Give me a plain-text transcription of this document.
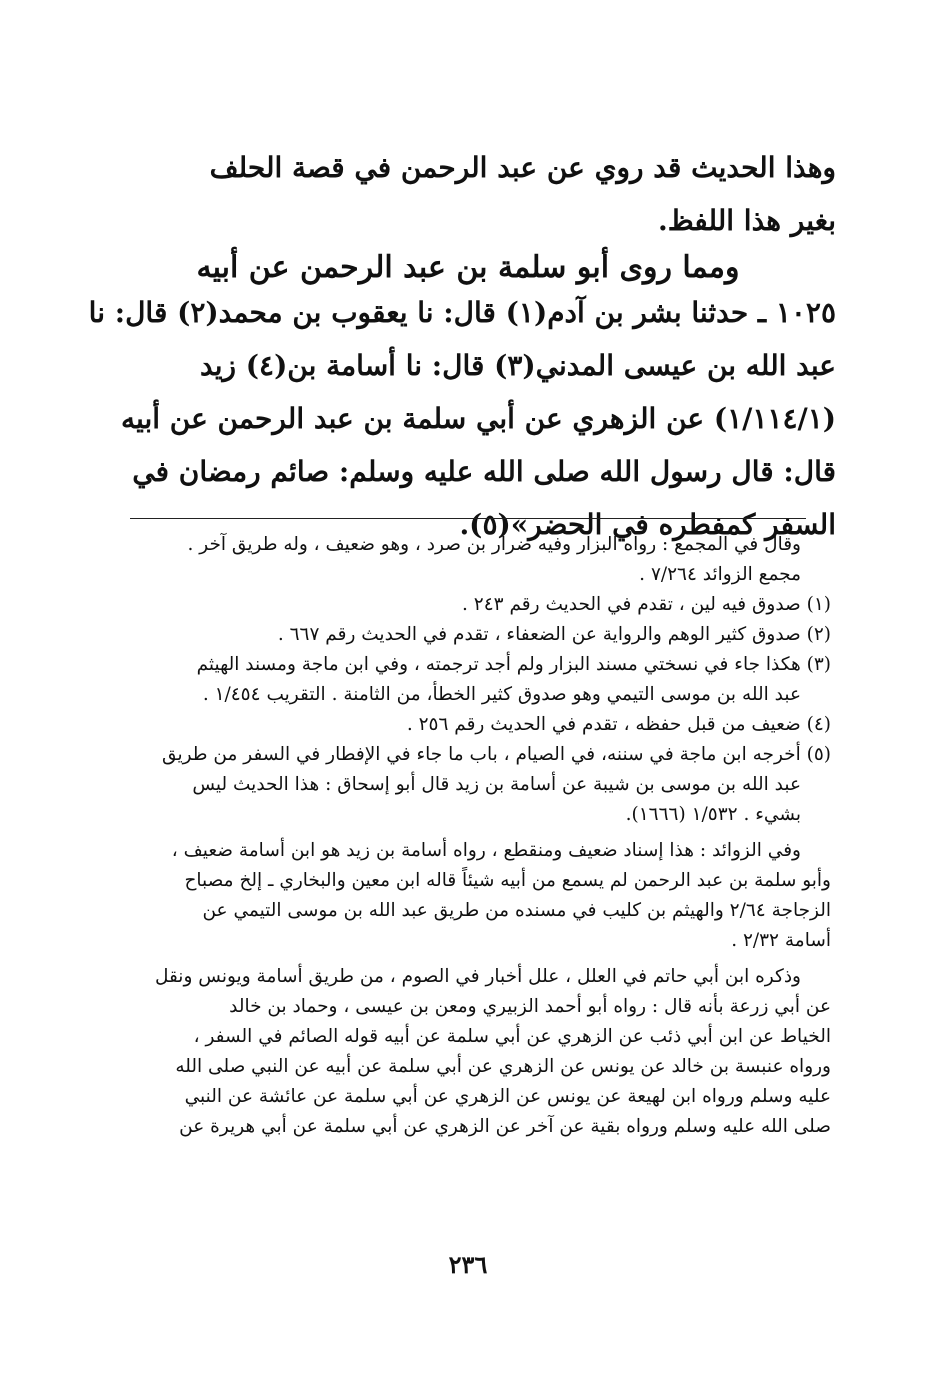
وهذا الحديث قد روي عن عبد الرحمن في قصة الحلف
بغير هذا اللفظ.
ومما روى أبو سلمة بن عبد الرحمن عن أبيه
١٠٢٥ ـ حدثنا بشر بن آدم(١) قال: نا يعقوب بن محمد(٢) قال: نا
عبد الله بن عيسى المدني(٣) قال: نا أسامة بن(٤) زيد
(١/١١٤/١) عن الزهري عن أبي سلمة بن عبد الرحمن عن أبيه
قال: قال رسول الله صلى الله عليه وسلم: صائم رمضان في
السفر كمفطره في الحضر»(٥).
وقال في المجمع : رواه البزار وفيه ضرار بن صرد ، وهو ضعيف ، وله طريق آخر .
مجمع الزوائد ٧/٢٦٤ .
(١) صدوق فيه لين ، تقدم في الحديث رقم ٢٤٣ .
(٢) صدوق كثير الوهم والرواية عن الضعفاء ، تقدم في الحديث رقم ٦٦٧ .
(٣) هكذا جاء في نسختي مسند البزار ولم أجد ترجمته ، وفي ابن ماجة ومسند الهيثم
عبد الله بن موسى التيمي وهو صدوق كثير الخطأ، من الثامنة . التقريب ١/٤٥٤ .
(٤) ضعيف من قبل حفظه ، تقدم في الحديث رقم ٢٥٦ .
(٥) أخرجه ابن ماجة في سننه، في الصيام ، باب ما جاء في الإفطار في السفر من طريق
عبد الله بن موسى بن شيبة عن أسامة بن زيد قال أبو إسحاق : هذا الحديث ليس
بشيء . ١/٥٣٢ (١٦٦٦).
وفي الزوائد : هذا إسناد ضعيف ومنقطع ، رواه أسامة بن زيد هو ابن أسامة ضعيف ،
وأبو سلمة بن عبد الرحمن لم يسمع من أبيه شيئاً قاله ابن معين والبخاري ـ إلخ مصباح
الزجاجة ٢/٦٤ والهيثم بن كليب في مسنده من طريق عبد الله بن موسى التيمي عن
أسامة ٢/٣٢ .
وذكره ابن أبي حاتم في العلل ، علل أخبار في الصوم ، من طريق أسامة ويونس ونقل
عن أبي زرعة بأنه قال : رواه أبو أحمد الزبيري ومعن بن عيسى ، وحماد بن خالد
الخياط عن ابن أبي ذئب عن الزهري عن أبي سلمة عن أبيه قوله الصائم في السفر ،
ورواه عنبسة بن خالد عن يونس عن الزهري عن أبي سلمة عن أبيه عن النبي صلى الله
عليه وسلم ورواه ابن لهيعة عن يونس عن الزهري عن أبي سلمة عن عائشة عن النبي
صلى الله عليه وسلم ورواه بقية عن آخر عن الزهري عن أبي سلمة عن أبي هريرة عن
٢٣٦
